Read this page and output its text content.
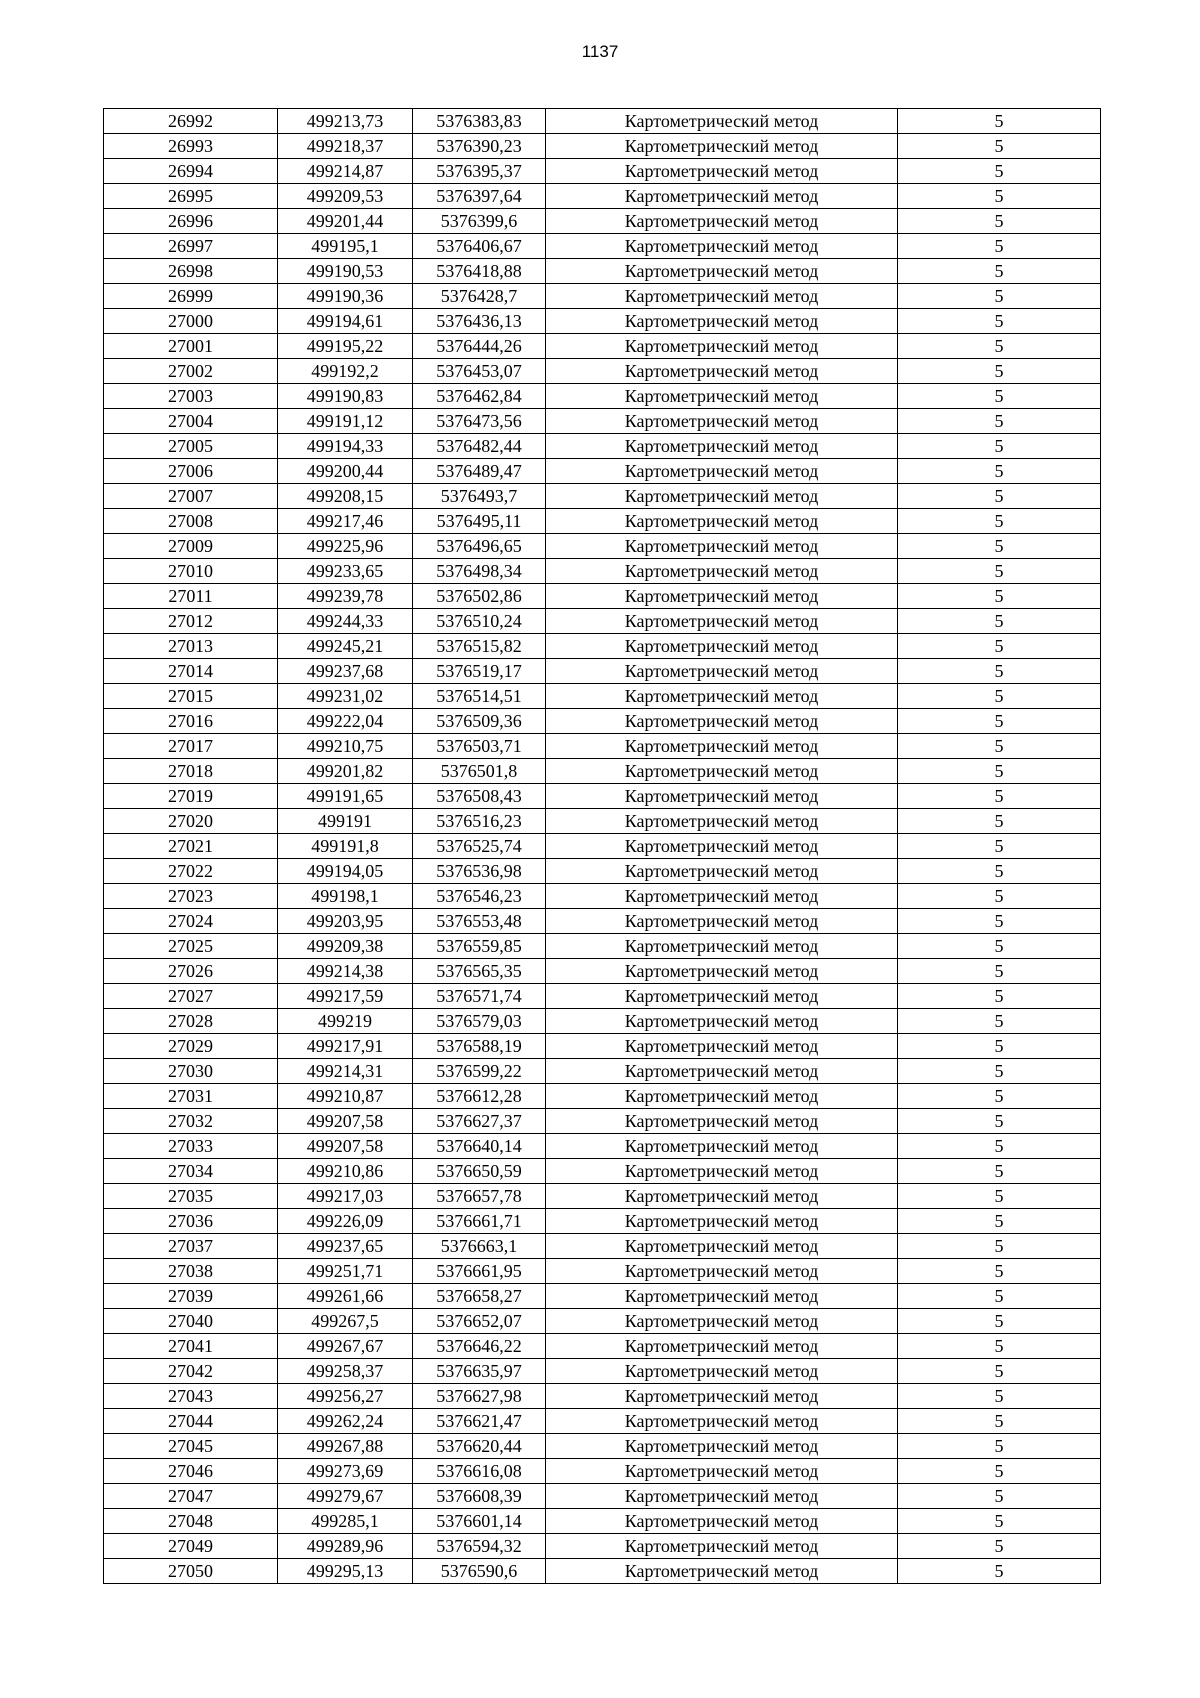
1137
26992	499213,73	5376383,83	Картометрический метод	5
26993	499218,37	5376390,23	Картометрический метод	5
26994	499214,87	5376395,37	Картометрический метод	5
26995	499209,53	5376397,64	Картометрический метод	5
26996	499201,44	5376399,6	Картометрический метод	5
26997	499195,1	5376406,67	Картометрический метод	5
26998	499190,53	5376418,88	Картометрический метод	5
26999	499190,36	5376428,7	Картометрический метод	5
27000	499194,61	5376436,13	Картометрический метод	5
27001	499195,22	5376444,26	Картометрический метод	5
27002	499192,2	5376453,07	Картометрический метод	5
27003	499190,83	5376462,84	Картометрический метод	5
27004	499191,12	5376473,56	Картометрический метод	5
27005	499194,33	5376482,44	Картометрический метод	5
27006	499200,44	5376489,47	Картометрический метод	5
27007	499208,15	5376493,7	Картометрический метод	5
27008	499217,46	5376495,11	Картометрический метод	5
27009	499225,96	5376496,65	Картометрический метод	5
27010	499233,65	5376498,34	Картометрический метод	5
27011	499239,78	5376502,86	Картометрический метод	5
27012	499244,33	5376510,24	Картометрический метод	5
27013	499245,21	5376515,82	Картометрический метод	5
27014	499237,68	5376519,17	Картометрический метод	5
27015	499231,02	5376514,51	Картометрический метод	5
27016	499222,04	5376509,36	Картометрический метод	5
27017	499210,75	5376503,71	Картометрический метод	5
27018	499201,82	5376501,8	Картометрический метод	5
27019	499191,65	5376508,43	Картометрический метод	5
27020	499191	5376516,23	Картометрический метод	5
27021	499191,8	5376525,74	Картометрический метод	5
27022	499194,05	5376536,98	Картометрический метод	5
27023	499198,1	5376546,23	Картометрический метод	5
27024	499203,95	5376553,48	Картометрический метод	5
27025	499209,38	5376559,85	Картометрический метод	5
27026	499214,38	5376565,35	Картометрический метод	5
27027	499217,59	5376571,74	Картометрический метод	5
27028	499219	5376579,03	Картометрический метод	5
27029	499217,91	5376588,19	Картометрический метод	5
27030	499214,31	5376599,22	Картометрический метод	5
27031	499210,87	5376612,28	Картометрический метод	5
27032	499207,58	5376627,37	Картометрический метод	5
27033	499207,58	5376640,14	Картометрический метод	5
27034	499210,86	5376650,59	Картометрический метод	5
27035	499217,03	5376657,78	Картометрический метод	5
27036	499226,09	5376661,71	Картометрический метод	5
27037	499237,65	5376663,1	Картометрический метод	5
27038	499251,71	5376661,95	Картометрический метод	5
27039	499261,66	5376658,27	Картометрический метод	5
27040	499267,5	5376652,07	Картометрический метод	5
27041	499267,67	5376646,22	Картометрический метод	5
27042	499258,37	5376635,97	Картометрический метод	5
27043	499256,27	5376627,98	Картометрический метод	5
27044	499262,24	5376621,47	Картометрический метод	5
27045	499267,88	5376620,44	Картометрический метод	5
27046	499273,69	5376616,08	Картометрический метод	5
27047	499279,67	5376608,39	Картометрический метод	5
27048	499285,1	5376601,14	Картометрический метод	5
27049	499289,96	5376594,32	Картометрический метод	5
27050	499295,13	5376590,6	Картометрический метод	5
